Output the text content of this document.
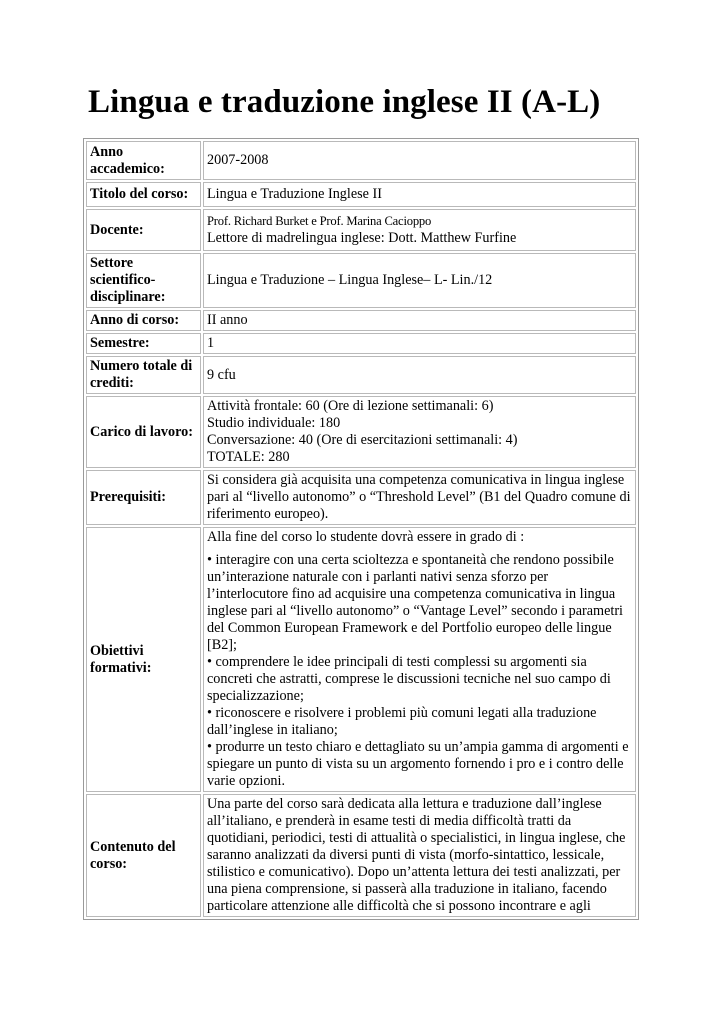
Lingua e traduzione inglese II (A-L)
Anno accademico:	2007-2008
Titolo del corso:	Lingua e Traduzione Inglese II
Docente:	Prof. Richard Burket e Prof. Marina Cacioppo
Lettore di madrelingua inglese: Dott. Matthew Furfine

Settore scientifico-disciplinare:	Lingua e Traduzione – Lingua Inglese– L- Lin./12
Anno di corso:	II anno
Semestre:	1
Numero totale di crediti:	9 cfu
Carico di lavoro:	Attività frontale: 60 (Ore di lezione settimanali: 6)
Studio individuale: 180
Conversazione: 40 (Ore di esercitazioni settimanali: 4)
TOTALE: 280

Prerequisiti:	Si considera già acquisita una competenza comunicativa in lingua inglese pari al “livello autonomo” o “Threshold Level” (B1 del Quadro comune di riferimento europeo).
Obiettivi formativi:	Alla fine del corso lo studente dovrà essere in grado di :
• interagire con una certa scioltezza e spontaneità che rendono possibile un’interazione naturale con i parlanti nativi senza sforzo per l’interlocutore fino ad acquisire una competenza comunicativa in lingua inglese pari al “livello autonomo” o “Vantage Level” secondo i parametri del Common European Framework e del Portfolio europeo delle lingue [B2];
• comprendere le idee principali di testi complessi su argomenti sia concreti che astratti, comprese le discussioni tecniche nel suo campo di specializzazione;
• riconoscere e risolvere i problemi più comuni legati alla traduzione dall’inglese in italiano;
• produrre un testo chiaro e dettagliato su un’ampia gamma di argomenti e spiegare un punto di vista su un argomento fornendo i pro e i contro delle varie opzioni.

Contenuto del corso:	Una parte del corso sarà dedicata alla lettura e traduzione dall’inglese all’italiano, e prenderà in esame testi di media difficoltà tratti da quotidiani, periodici, testi di attualità o specialistici, in lingua inglese, che saranno analizzati da diversi punti di vista (morfo-sintattico, lessicale, stilistico e comunicativo). Dopo un’attenta lettura dei testi analizzati, per una piena comprensione, si passerà alla traduzione in italiano, facendo particolare attenzione alle difficoltà che si possono incontrare e agli
